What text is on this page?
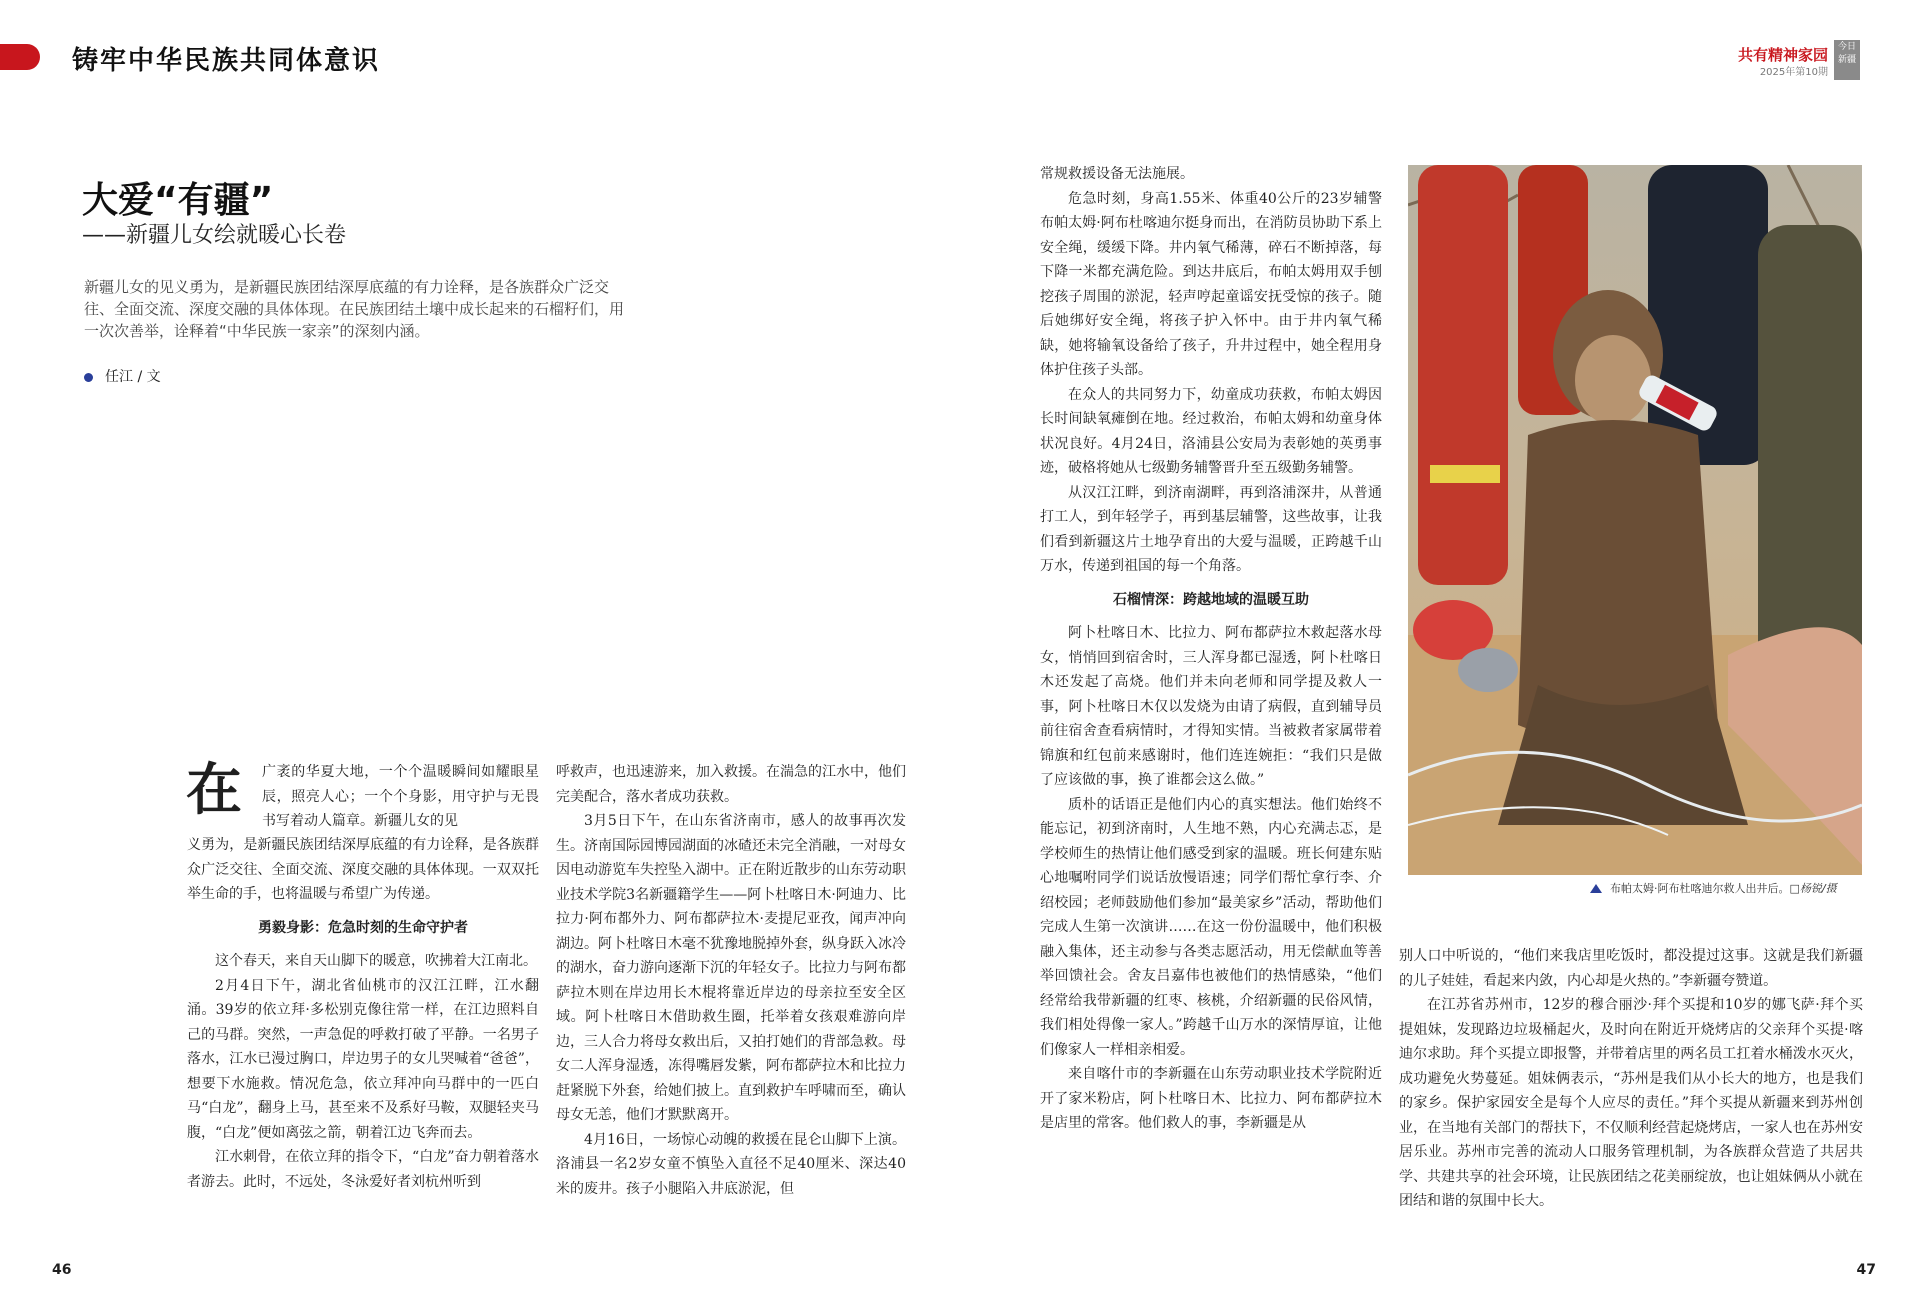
铸牢中华民族共同体意识	共有精神家园
2025年第10期
今日新疆
大爱“有疆”
——新疆儿女绘就暖心长卷
新疆儿女的见义勇为，是新疆民族团结深厚底蕴的有力诠释，是各族群众广泛交往、全面交流、深度交融的具体体现。在民族团结土壤中成长起来的石榴籽们，用一次次善举，诠释着“中华民族一家亲”的深刻内涵。
任江 / 文
在 广袤的华夏大地，一个个温暖瞬间如耀眼星辰，照亮人心；一个个身影，用守护与无畏书写着动人篇章。新疆儿女的见

义勇为，是新疆民族团结深厚底蕴的有力诠释，是各族群众广泛交往、全面交流、深度交融的具体体现。一双双托举生命的手，也将温暖与希望广为传递。

勇毅身影：危急时刻的生命守护者

这个春天，来自天山脚下的暖意，吹拂着大江南北。

2月4日下午，湖北省仙桃市的汉江江畔，江水翻涌。39岁的依立拜·多松别克像往常一样，在江边照料自己的马群。突然，一声急促的呼救打破了平静。一名男子落水，江水已漫过胸口，岸边男子的女儿哭喊着“爸爸”，想要下水施救。情况危急，依立拜冲向马群中的一匹白马“白龙”，翻身上马，甚至来不及系好马鞍，双腿轻夹马腹，“白龙”便如离弦之箭，朝着江边飞奔而去。

江水刺骨，在依立拜的指令下，“白龙”奋力朝着落水者游去。此时，不远处，冬泳爱好者刘杭州听到

呼救声，也迅速游来，加入救援。在湍急的江水中，他们完美配合，落水者成功获救。

3月5日下午，在山东省济南市，感人的故事再次发生。济南国际园博园湖面的冰碴还未完全消融，一对母女因电动游览车失控坠入湖中。正在附近散步的山东劳动职业技术学院3名新疆籍学生——阿卜杜喀日木·阿迪力、比拉力·阿布都外力、阿布都萨拉木·麦提尼亚孜，闻声冲向湖边。阿卜杜喀日木毫不犹豫地脱掉外套，纵身跃入冰冷的湖水，奋力游向逐渐下沉的年轻女子。比拉力与阿布都萨拉木则在岸边用长木棍将靠近岸边的母亲拉至安全区域。阿卜杜喀日木借助救生圈，托举着女孩艰难游向岸边，三人合力将母女救出后，又拍打她们的背部急救。母女二人浑身湿透，冻得嘴唇发紫，阿布都萨拉木和比拉力赶紧脱下外套，给她们披上。直到救护车呼啸而至，确认母女无恙，他们才默默离开。

4月16日，一场惊心动魄的救援在昆仑山脚下上演。洛浦县一名2岁女童不慎坠入直径不足40厘米、深达40米的废井。孩子小腿陷入井底淤泥，但

常规救援设备无法施展。

危急时刻，身高1.55米、体重40公斤的23岁辅警布帕太姆·阿布杜喀迪尔挺身而出，在消防员协助下系上安全绳，缓缓下降。井内氧气稀薄，碎石不断掉落，每下降一米都充满危险。到达井底后，布帕太姆用双手刨挖孩子周围的淤泥，轻声哼起童谣安抚受惊的孩子。随后她绑好安全绳，将孩子护入怀中。由于井内氧气稀缺，她将输氧设备给了孩子，升井过程中，她全程用身体护住孩子头部。

在众人的共同努力下，幼童成功获救，布帕太姆因长时间缺氧瘫倒在地。经过救治，布帕太姆和幼童身体状况良好。4月24日，洛浦县公安局为表彰她的英勇事迹，破格将她从七级勤务辅警晋升至五级勤务辅警。

从汉江江畔，到济南湖畔，再到洛浦深井，从普通打工人，到年轻学子，再到基层辅警，这些故事，让我们看到新疆这片土地孕育出的大爱与温暖，正跨越千山万水，传递到祖国的每一个角落。

石榴情深：跨越地域的温暖互助

阿卜杜喀日木、比拉力、阿布都萨拉木救起落水母女，悄悄回到宿舍时，三人浑身都已湿透，阿卜杜喀日木还发起了高烧。他们并未向老师和同学提及救人一事，阿卜杜喀日木仅以发烧为由请了病假，直到辅导员前往宿舍查看病情时，才得知实情。当被救者家属带着锦旗和红包前来感谢时，他们连连婉拒：“我们只是做了应该做的事，换了谁都会这么做。”

质朴的话语正是他们内心的真实想法。他们始终不能忘记，初到济南时，人生地不熟，内心充满忐忑，是学校师生的热情让他们感受到家的温暖。班长何建东贴心地嘱咐同学们说话放慢语速；同学们帮忙拿行李、介绍校园；老师鼓励他们参加“最美家乡”活动，帮助他们完成人生第一次演讲……在这一份份温暖中，他们积极融入集体，还主动参与各类志愿活动，用无偿献血等善举回馈社会。舍友吕嘉伟也被他们的热情感染，“他们经常给我带新疆的红枣、核桃，介绍新疆的民俗风情，我们相处得像一家人。”跨越千山万水的深情厚谊，让他们像家人一样相亲相爱。

来自喀什市的李新疆在山东劳动职业技术学院附近开了家米粉店，阿卜杜喀日木、比拉力、阿布都萨拉木是店里的常客。他们救人的事，李新疆是从

布帕太姆·阿布杜喀迪尔救人出井后。□杨锐/摄

别人口中听说的，“他们来我店里吃饭时，都没提过这事。这就是我们新疆的儿子娃娃，看起来内敛，内心却是火热的。”李新疆夸赞道。

在江苏省苏州市，12岁的穆合丽沙·拜个买提和10岁的娜飞萨·拜个买提姐妹，发现路边垃圾桶起火，及时向在附近开烧烤店的父亲拜个买提·喀迪尔求助。拜个买提立即报警，并带着店里的两名员工扛着水桶泼水灭火，成功避免火势蔓延。姐妹俩表示，“苏州是我们从小长大的地方，也是我们的家乡。保护家园安全是每个人应尽的责任。”拜个买提从新疆来到苏州创业，在当地有关部门的帮扶下，不仅顺利经营起烧烤店，一家人也在苏州安居乐业。苏州市完善的流动人口服务管理机制，为各族群众营造了共居共学、共建共享的社会环境，让民族团结之花美丽绽放，也让姐妹俩从小就在团结和谐的氛围中长大。

46	47
